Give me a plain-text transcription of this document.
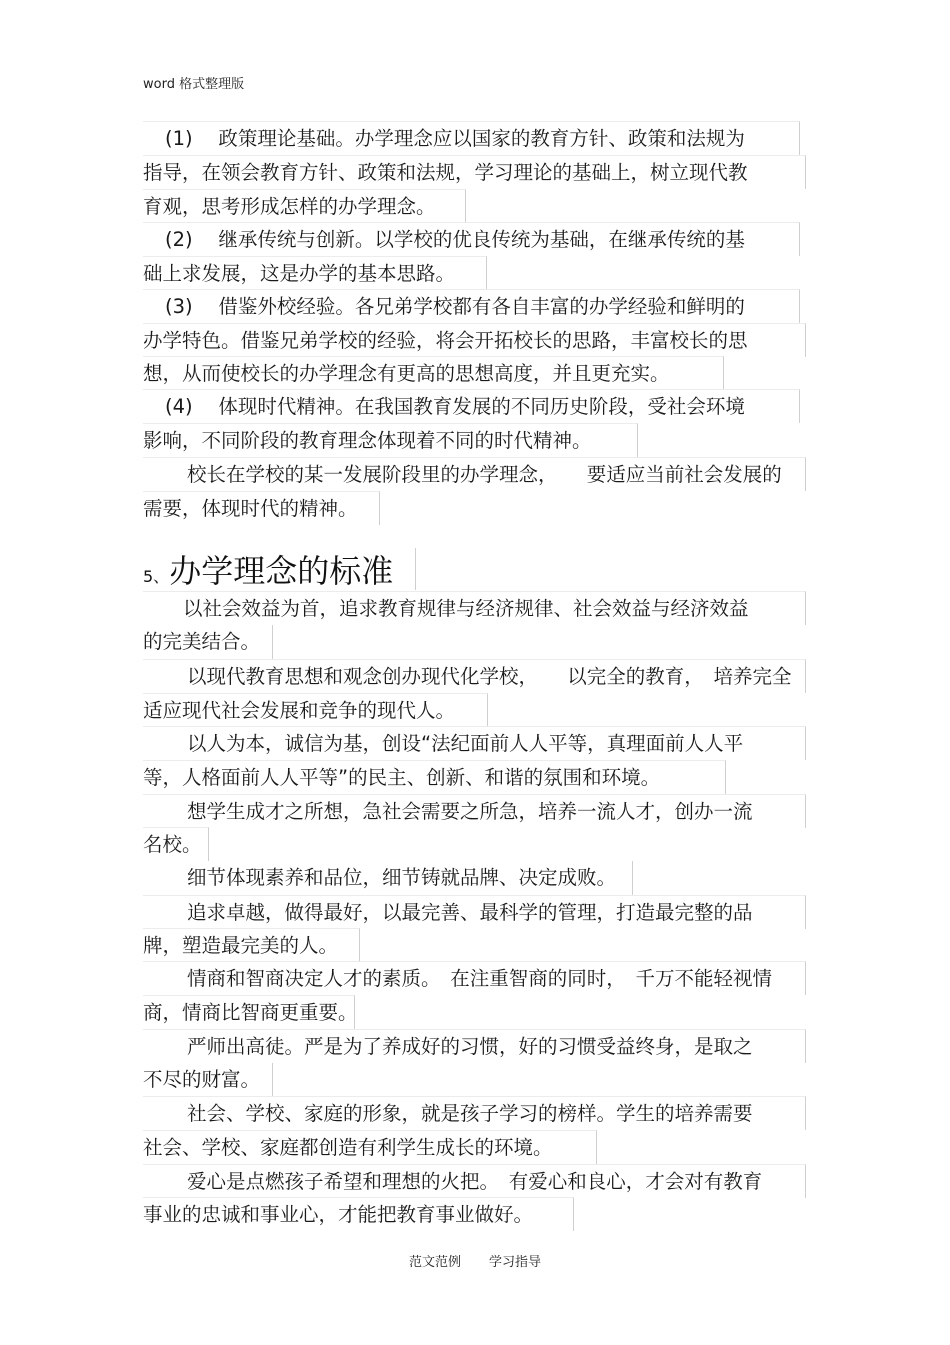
word 格式整理版
(1)　 政策理论基础。办学理念应以国家的教育方针、政策和法规为
指导，在领会教育方针、政策和法规，学习理论的基础上，树立现代教
育观，思考形成怎样的办学理念。
(2)　 继承传统与创新。以学校的优良传统为基础，在继承传统的基
础上求发展，这是办学的基本思路。
(3)　 借鉴外校经验。各兄弟学校都有各自丰富的办学经验和鲜明的
办学特色。借鉴兄弟学校的经验，将会开拓校长的思路，丰富校长的思
想，从而使校长的办学理念有更高的思想高度，并且更充实。
(4)　 体现时代精神。在我国教育发展的不同历史阶段，受社会环境
影响，不同阶段的教育理念体现着不同的时代精神。
校长在学校的某一发展阶段里的办学理念，　　要适应当前社会发展的
需要，体现时代的精神。
5、办学理念的标准
以社会效益为首，追求教育规律与经济规律、社会效益与经济效益
的完美结合。
以现代教育思想和观念创办现代化学校，　　以完全的教育，　培养完全
适应现代社会发展和竞争的现代人。
以人为本，诚信为基，创设“法纪面前人人平等，真理面前人人平
等，人格面前人人平等”的民主、创新、和谐的氛围和环境。
想学生成才之所想，急社会需要之所急，培养一流人才，创办一流
名校。
细节体现素养和品位，细节铸就品牌、决定成败。
追求卓越，做得最好，以最完善、最科学的管理，打造最完整的品
牌，塑造最完美的人。
情商和智商决定人才的素质。　在注重智商的同时，　千万不能轻视情
商，情商比智商更重要。
严师出高徒。严是为了养成好的习惯，好的习惯受益终身，是取之
不尽的财富。
社会、学校、家庭的形象，就是孩子学习的榜样。学生的培养需要
社会、学校、家庭都创造有利学生成长的环境。
爱心是点燃孩子希望和理想的火把。　有爱心和良心，才会对有教育
事业的忠诚和事业心，才能把教育事业做好。
范文范例 学习指导
